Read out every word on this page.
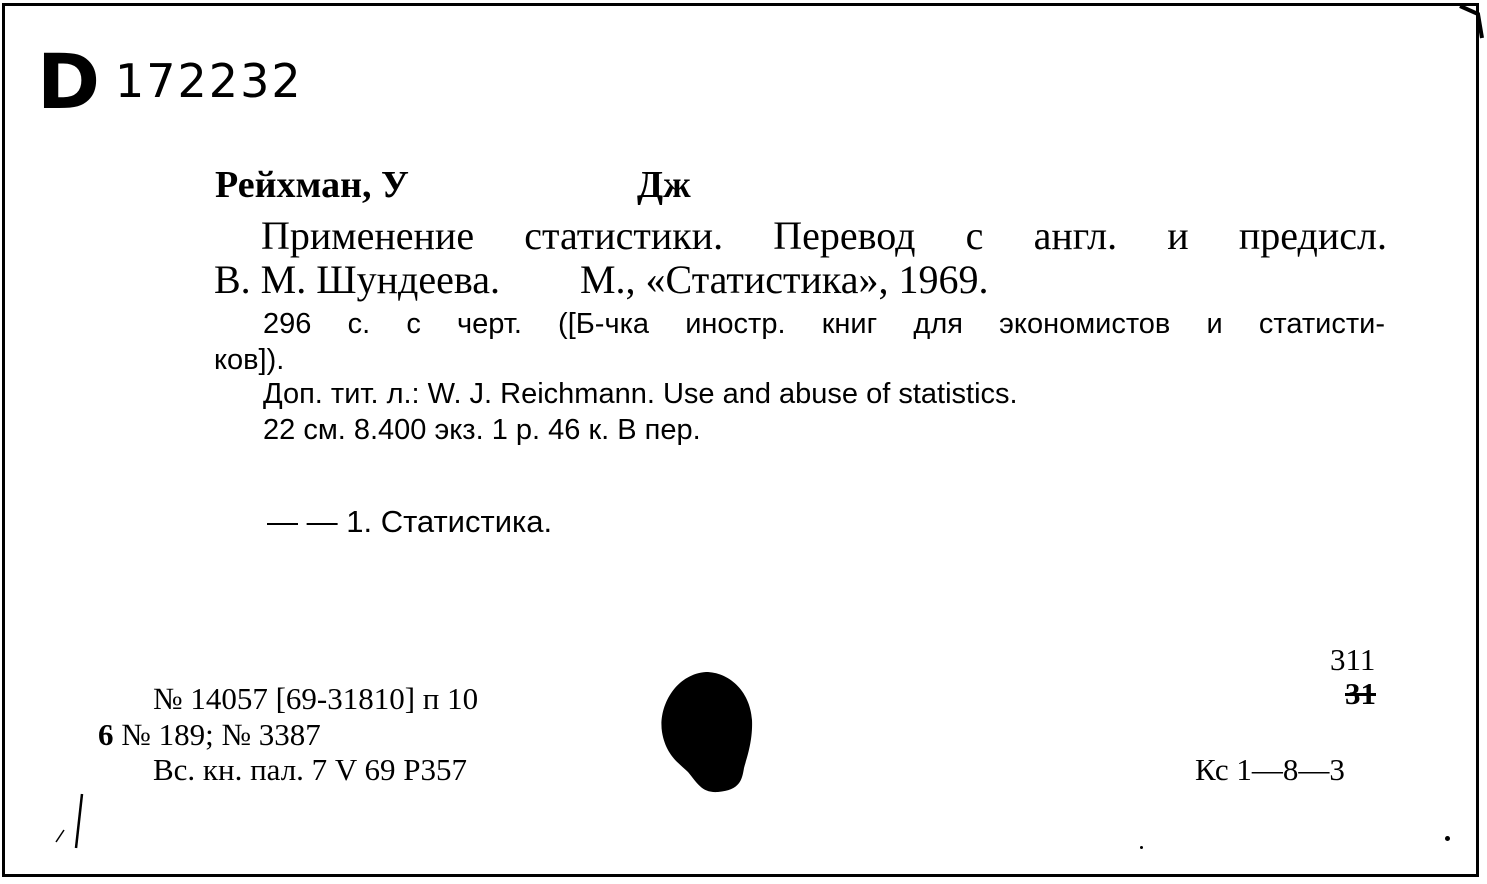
D 172232
Рейхман, У	Дж
Применение статистики. Перевод с англ. и предисл.
В. М. Шундеева. М., «Статистика», 1969.
296 с. с черт. ([Б-чка иностр. книг для экономистов и статисти-
ков]).
Доп. тит. л.: W. J. Reichmann. Use and abuse of statistics.
22 см. 8.400 экз. 1 р. 46 к. В пер.
— — 1. Статистика.
№ 14057 [69-31810] п 10
6 № 189; № 3387
Вс. кн. пал. 7 V 69 Р357
311
31
Кс 1—8—3
